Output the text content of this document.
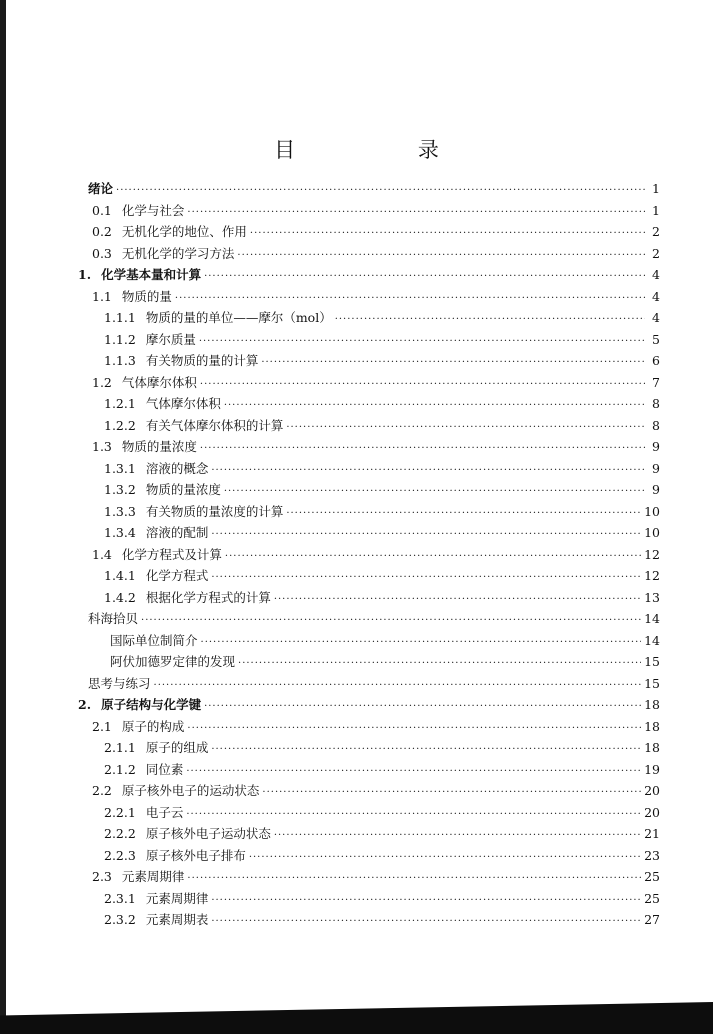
目 录
绪论 ·····	1
0.1 化学与社会 ·····	1
0.2 无机化学的地位、作用 ·····	2
0.3 无机化学的学习方法 ·····	2
1. 化学基本量和计算 ·····	4
1.1 物质的量 ·····	4
1.1.1 物质的量的单位——摩尔（mol） ·····	4
1.1.2 摩尔质量 ·····	5
1.1.3 有关物质的量的计算 ·····	6
1.2 气体摩尔体积 ·····	7
1.2.1 气体摩尔体积 ·····	8
1.2.2 有关气体摩尔体积的计算 ·····	8
1.3 物质的量浓度 ·····	9
1.3.1 溶液的概念 ·····	9
1.3.2 物质的量浓度 ·····	9
1.3.3 有关物质的量浓度的计算 ·····	10
1.3.4 溶液的配制 ·····	10
1.4 化学方程式及计算 ·····	12
1.4.1 化学方程式 ·····	12
1.4.2 根据化学方程式的计算 ·····	13
科海拾贝 ·····	14
国际单位制简介 ·····	14
阿伏加德罗定律的发现 ·····	15
思考与练习 ·····	15
2. 原子结构与化学键 ·····	18
2.1 原子的构成 ·····	18
2.1.1 原子的组成 ·····	18
2.1.2 同位素 ·····	19
2.2 原子核外电子的运动状态 ·····	20
2.2.1 电子云 ·····	20
2.2.2 原子核外电子运动状态 ·····	21
2.2.3 原子核外电子排布 ·····	23
2.3 元素周期律 ·····	25
2.3.1 元素周期律 ·····	25
2.3.2 元素周期表 ·····	27
